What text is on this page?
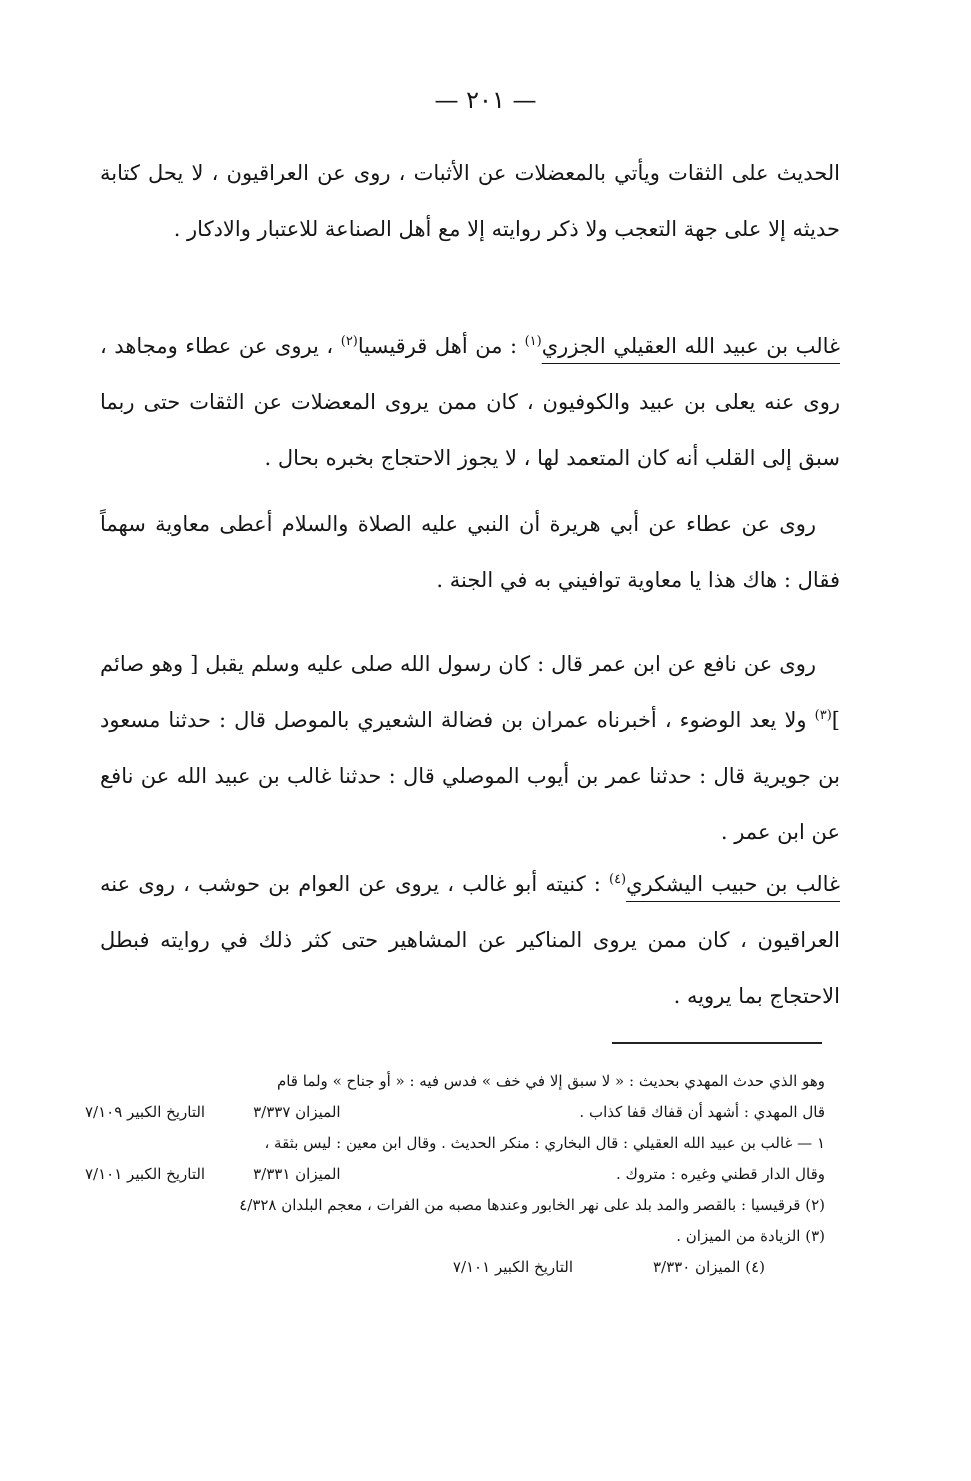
— ٢٠١ —
الحديث على الثقات ويأتي بالمعضلات عن الأثبات ، روى عن العراقيون ، لا يحل كتابة حديثه إلا على جهة التعجب ولا ذكر روايته إلا مع أهل الصناعة للاعتبار والادكار .
غالب بن عبيد الله العقيلي الجزري$^{(١)}$ : من أهل قرقيسيا$^{(٢)}$ ، يروى عن عطاء ومجاهد ، روى عنه يعلى بن عبيد والكوفيون ، كان ممن يروى المعضلات عن الثقات حتى ربما سبق إلى القلب أنه كان المتعمد لها ، لا يجوز الاحتجاج بخبره بحال .
روى عن عطاء عن أبي هريرة أن النبي عليه الصلاة والسلام أعطى معاوية سهماً فقال : هاك هذا يا معاوية توافيني به في الجنة .
روى عن نافع عن ابن عمر قال : كان رسول الله صلى عليه وسلم يقبل [ وهو صائم ]$^{(٣)}$ ولا يعد الوضوء ، أخبرناه عمران بن فضالة الشعيري بالموصل قال : حدثنا مسعود بن جويرية قال : حدثنا عمر بن أيوب الموصلي قال : حدثنا غالب بن عبيد الله عن نافع عن ابن عمر .
غالب بن حبيب اليشكري$^{(٤)}$ : كنيته أبو غالب ، يروى عن العوام بن حوشب ، روى عنه العراقيون ، كان ممن يروى المناكير عن المشاهير حتى كثر ذلك في روايته فبطل الاحتجاج بما يرويه .
وهو الذي حدث المهدي بحديث : « لا سبق إلا في خف » فدس فيه : « أو جناح » ولما قام
قال المهدي : أشهد أن قفاك قفا كذاب .
الميزان ٣/٣٣٧
التاريخ الكبير ٧/١٠٩
١ — غالب بن عبيد الله العقيلي : قال البخاري : منكر الحديث . وقال ابن معين : ليس بثقة ،
وقال الدار قطني وغيره : متروك .
الميزان ٣/٣٣١
التاريخ الكبير ٧/١٠١
(٢) قرقيسيا : بالقصر والمد بلد على نهر الخابور وعندها مصبه من الفرات ، معجم البلدان ٤/٣٢٨
(٣) الزيادة من الميزان .
(٤) الميزان ٣/٣٣٠
التاريخ الكبير ٧/١٠١
